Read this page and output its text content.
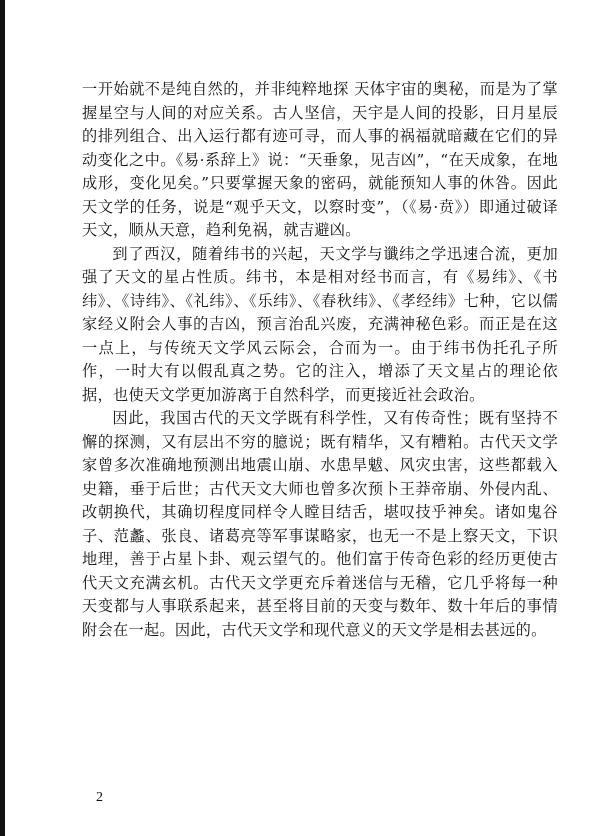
一开始就不是纯自然的，并非纯粹地探 天体宇宙的奥秘，而是为了掌握星空与人间的对应关系。古人坚信，天宇是人间的投影，日月星辰的排列组合、出入运行都有迹可寻，而人事的祸福就暗藏在它们的异动变化之中。《易·系辞上》说：“天垂象，见吉凶”，“在天成象，在地成形，变化见矣。”只要掌握天象的密码，就能预知人事的休咎。因此天文学的任务，说是“观乎天文，以察时变”，（《易·贲》）即通过破译天文，顺从天意，趋利免祸，就吉避凶。

到了西汉，随着纬书的兴起，天文学与谶纬之学迅速合流，更加强了天文的星占性质。纬书，本是相对经书而言，有《易纬》、《书纬》、《诗纬》、《礼纬》、《乐纬》、《春秋纬》、《孝经纬》七种，它以儒家经义附会人事的吉凶，预言治乱兴废，充满神秘色彩。而正是在这一点上，与传统天文学风云际会，合而为一。由于纬书伪托孔子所作，一时大有以假乱真之势。它的注入，增添了天文星占的理论依据，也使天文学更加游离于自然科学，而更接近社会政治。

因此，我国古代的天文学既有科学性，又有传奇性；既有坚持不懈的探测，又有层出不穷的臆说；既有精华，又有糟粕。古代天文学家曾多次准确地预测出地震山崩、水患旱魃、风灾虫害，这些都载入史籍，垂于后世；古代天文大师也曾多次预卜王莽帝崩、外侵内乱、改朝换代，其确切程度同样令人瞠目结舌，堪叹技乎神矣。诸如鬼谷子、范蠡、张良、诸葛亮等军事谋略家，也无一不是上察天文，下识地理，善于占星卜卦、观云望气的。他们富于传奇色彩的经历更使古代天文充满玄机。古代天文学更充斥着迷信与无稽，它几乎将每一种天变都与人事联系起来，甚至将目前的天变与数年、数十年后的事情附会在一起。因此，古代天文学和现代意义的天文学是相去甚远的。

2
